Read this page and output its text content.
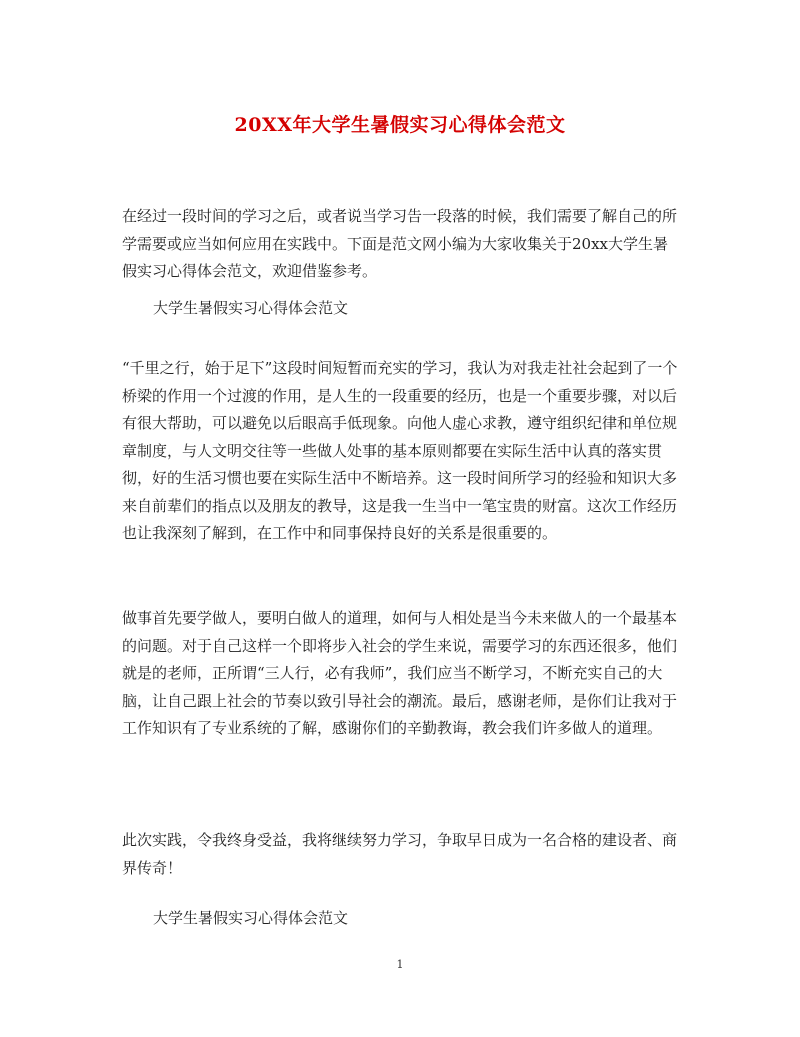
20XX年大学生暑假实习心得体会范文

在经过一段时间的学习之后，或者说当学习告一段落的时候，我们需要了解自己的所学需要或应当如何应用在实践中。下面是范文网小编为大家收集关于20xx大学生暑假实习心得体会范文，欢迎借鉴参考。

大学生暑假实习心得体会范文

“千里之行，始于足下”这段时间短暂而充实的学习，我认为对我走社社会起到了一个桥梁的作用一个过渡的作用，是人生的一段重要的经历，也是一个重要步骤，对以后有很大帮助，可以避免以后眼高手低现象。向他人虚心求教，遵守组织纪律和单位规章制度，与人文明交往等一些做人处事的基本原则都要在实际生活中认真的落实贯彻，好的生活习惯也要在实际生活中不断培养。这一段时间所学习的经验和知识大多来自前辈们的指点以及朋友的教导，这是我一生当中一笔宝贵的财富。这次工作经历也让我深刻了解到，在工作中和同事保持良好的关系是很重要的。

做事首先要学做人，要明白做人的道理，如何与人相处是当今未来做人的一个最基本的问题。对于自己这样一个即将步入社会的学生来说，需要学习的东西还很多，他们就是的老师，正所谓“三人行，必有我师”，我们应当不断学习，不断充实自己的大脑，让自己跟上社会的节奏以致引导社会的潮流。最后，感谢老师，是你们让我对于工作知识有了专业系统的了解，感谢你们的辛勤教诲，教会我们许多做人的道理。

此次实践，令我终身受益，我将继续努力学习，争取早日成为一名合格的建设者、商界传奇！

大学生暑假实习心得体会范文

1
